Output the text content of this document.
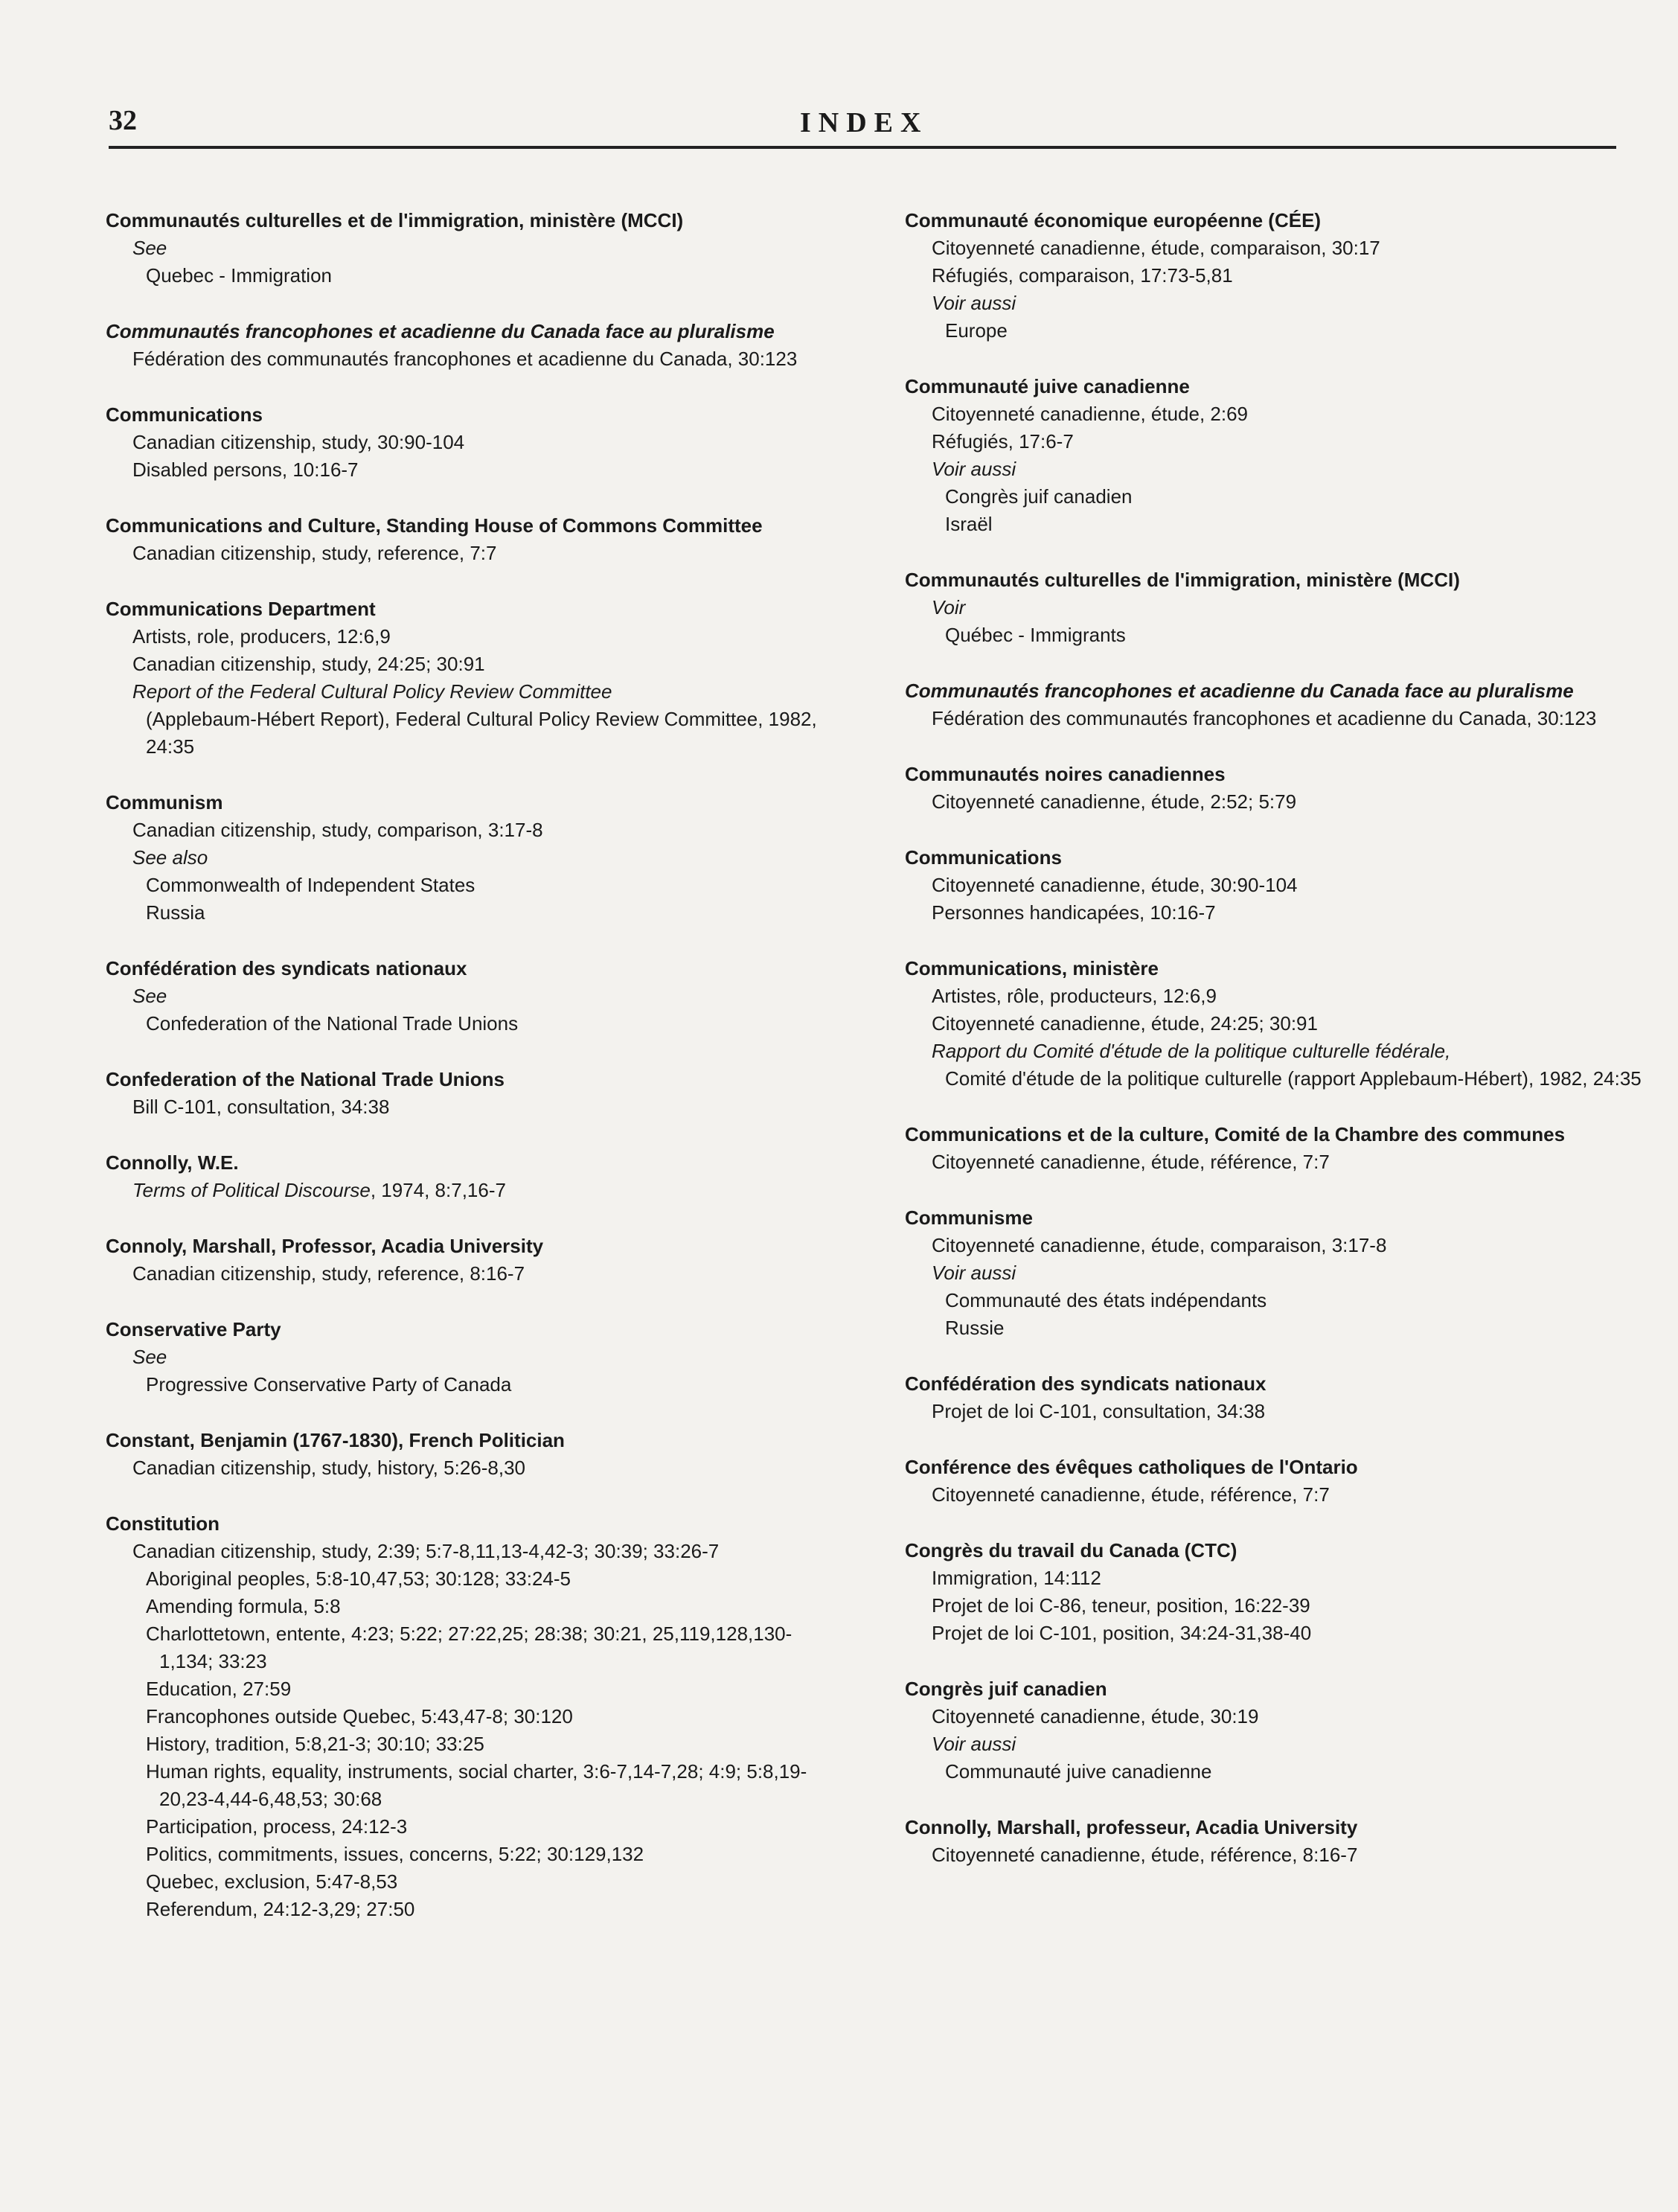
32	INDEX
Communautés culturelles et de l'immigration, ministère (MCCI)
See
Quebec - Immigration
Communautés francophones et acadienne du Canada face au pluralisme
Fédération des communautés francophones et acadienne du Canada, 30:123
Communications
Canadian citizenship, study, 30:90-104
Disabled persons, 10:16-7
Communications and Culture, Standing House of Commons Committee
Canadian citizenship, study, reference, 7:7
Communications Department
Artists, role, producers, 12:6,9
Canadian citizenship, study, 24:25; 30:91
Report of the Federal Cultural Policy Review Committee
(Applebaum-Hébert Report), Federal Cultural Policy Review Committee, 1982, 24:35
Communism
Canadian citizenship, study, comparison, 3:17-8
See also
Commonwealth of Independent States
Russia
Confédération des syndicats nationaux
See
Confederation of the National Trade Unions
Confederation of the National Trade Unions
Bill C-101, consultation, 34:38
Connolly, W.E.
Terms of Political Discourse, 1974, 8:7,16-7
Connoly, Marshall, Professor, Acadia University
Canadian citizenship, study, reference, 8:16-7
Conservative Party
See
Progressive Conservative Party of Canada
Constant, Benjamin (1767-1830), French Politician
Canadian citizenship, study, history, 5:26-8,30
Constitution
Canadian citizenship, study, 2:39; 5:7-8,11,13-4,42-3; 30:39; 33:26-7
Aboriginal peoples, 5:8-10,47,53; 30:128; 33:24-5
Amending formula, 5:8
Charlottetown, entente, 4:23; 5:22; 27:22,25; 28:38; 30:21, 25,119,128,130-1,134; 33:23
Education, 27:59
Francophones outside Quebec, 5:43,47-8; 30:120
History, tradition, 5:8,21-3; 30:10; 33:25
Human rights, equality, instruments, social charter, 3:6-7,14-7,28; 4:9; 5:8,19-20,23-4,44-6,48,53; 30:68
Participation, process, 24:12-3
Politics, commitments, issues, concerns, 5:22; 30:129,132
Quebec, exclusion, 5:47-8,53
Referendum, 24:12-3,29; 27:50
Communauté économique européenne (CÉE)
Citoyenneté canadienne, étude, comparaison, 30:17
Réfugiés, comparaison, 17:73-5,81
Voir aussi
Europe
Communauté juive canadienne
Citoyenneté canadienne, étude, 2:69
Réfugiés, 17:6-7
Voir aussi
Congrès juif canadien
Israël
Communautés culturelles de l'immigration, ministère (MCCI)
Voir
Québec - Immigrants
Communautés francophones et acadienne du Canada face au pluralisme
Fédération des communautés francophones et acadienne du Canada, 30:123
Communautés noires canadiennes
Citoyenneté canadienne, étude, 2:52; 5:79
Communications
Citoyenneté canadienne, étude, 30:90-104
Personnes handicapées, 10:16-7
Communications, ministère
Artistes, rôle, producteurs, 12:6,9
Citoyenneté canadienne, étude, 24:25; 30:91
Rapport du Comité d'étude de la politique culturelle fédérale,
Comité d'étude de la politique culturelle (rapport Applebaum-Hébert), 1982, 24:35
Communications et de la culture, Comité de la Chambre des communes
Citoyenneté canadienne, étude, référence, 7:7
Communisme
Citoyenneté canadienne, étude, comparaison, 3:17-8
Voir aussi
Communauté des états indépendants
Russie
Confédération des syndicats nationaux
Projet de loi C-101, consultation, 34:38
Conférence des évêques catholiques de l'Ontario
Citoyenneté canadienne, étude, référence, 7:7
Congrès du travail du Canada (CTC)
Immigration, 14:112
Projet de loi C-86, teneur, position, 16:22-39
Projet de loi C-101, position, 34:24-31,38-40
Congrès juif canadien
Citoyenneté canadienne, étude, 30:19
Voir aussi
Communauté juive canadienne
Connolly, Marshall, professeur, Acadia University
Citoyenneté canadienne, étude, référence, 8:16-7
